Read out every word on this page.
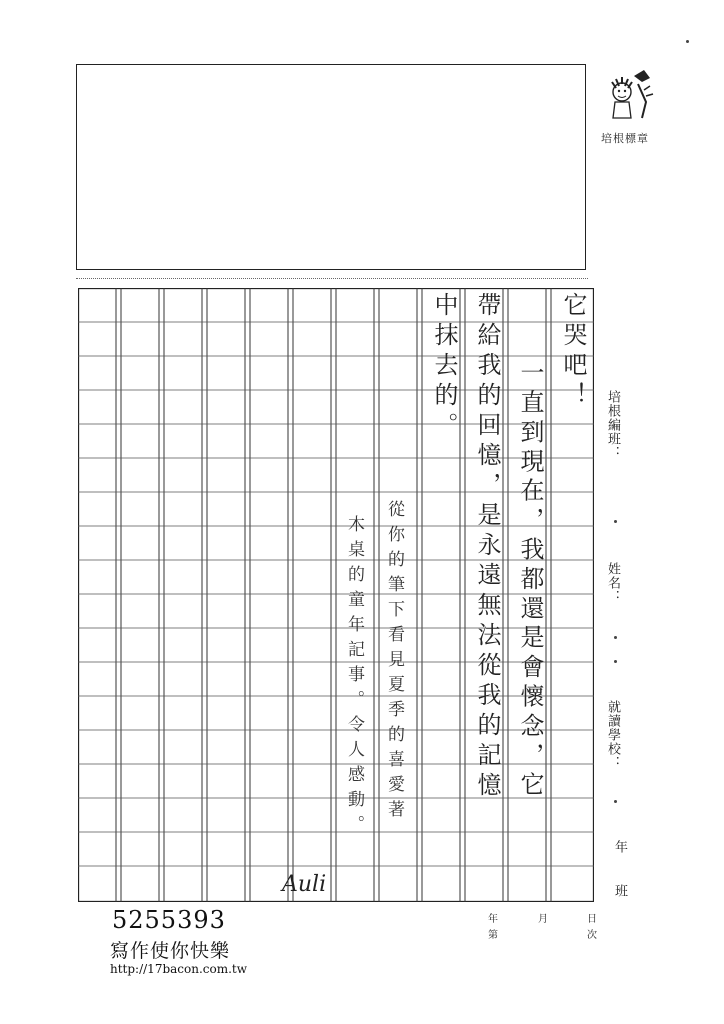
培根標章
它哭吧！
一直到現在，我都還是會懷念，它
帶給我的回憶，是永遠無法從我的記憶
中抹去的。
從你的筆下看見夏季的喜愛著
木桌的童年記事。令人感動。
Auli
培根編班：
姓名：
就讀學校：
年
班
年	月	日
第	次
5255393
寫作使你快樂
http://17bacon.com.tw
